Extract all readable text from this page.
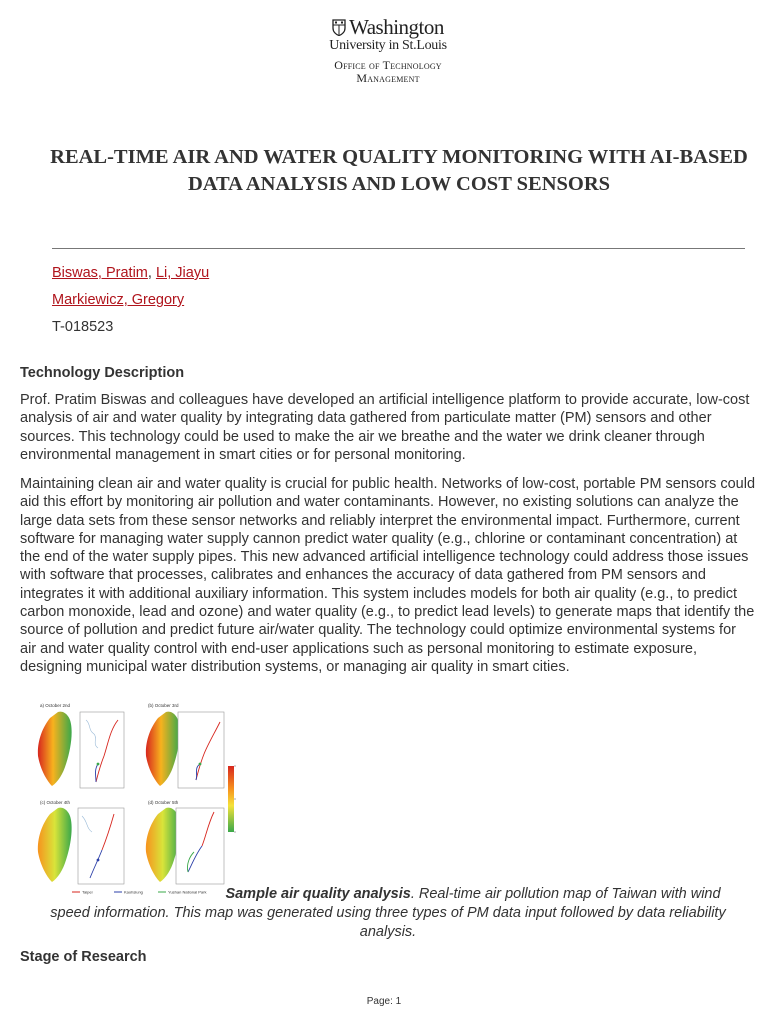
Washington
University in St.Louis
Office of Technology
Management
REAL-TIME AIR AND WATER QUALITY MONITORING WITH AI-BASED DATA ANALYSIS AND LOW COST SENSORS
Biswas, Pratim, Li, Jiayu
Markiewicz, Gregory
T-018523
Technology Description

Prof. Pratim Biswas and colleagues have developed an artificial intelligence platform to provide accurate, low-cost analysis of air and water quality by integrating data gathered from particulate matter (PM) sensors and other sources. This technology could be used to make the air we breathe and the water we drink cleaner through environmental management in smart cities or for personal monitoring.

Maintaining clean air and water quality is crucial for public health. Networks of low-cost, portable PM sensors could aid this effort by monitoring air pollution and water contaminants. However, no existing solutions can analyze the large data sets from these sensor networks and reliably interpret the environmental impact. Furthermore, current software for managing water supply cannon predict water quality (e.g., chlorine or contaminant concentration) at the end of the water supply pipes. This new advanced artificial intelligence technology could address those issues with software that processes, calibrates and enhances the accuracy of data gathered from PM sensors and integrates it with additional auxiliary information. This system includes models for both air quality (e.g., to predict carbon monoxide, lead and ozone) and water quality (e.g., to predict lead levels) to generate maps that identify the source of pollution and predict future air/water quality. The technology could optimize environmental systems for air and water quality control with end-user applications such as personal monitoring to estimate exposure, designing municipal water distribution systems, or managing air quality in smart cities.

a) October 2nd	(b) October 3rd
(c) October 4th	(d) October 5th
Taipei	Kaohsiung	Yushan National Park	Sample air quality analysis. Real-time air pollution map of Taiwan with wind speed information. This map was generated using three types of PM data input followed by data reliability analysis.

Stage of Research
Page: 1
